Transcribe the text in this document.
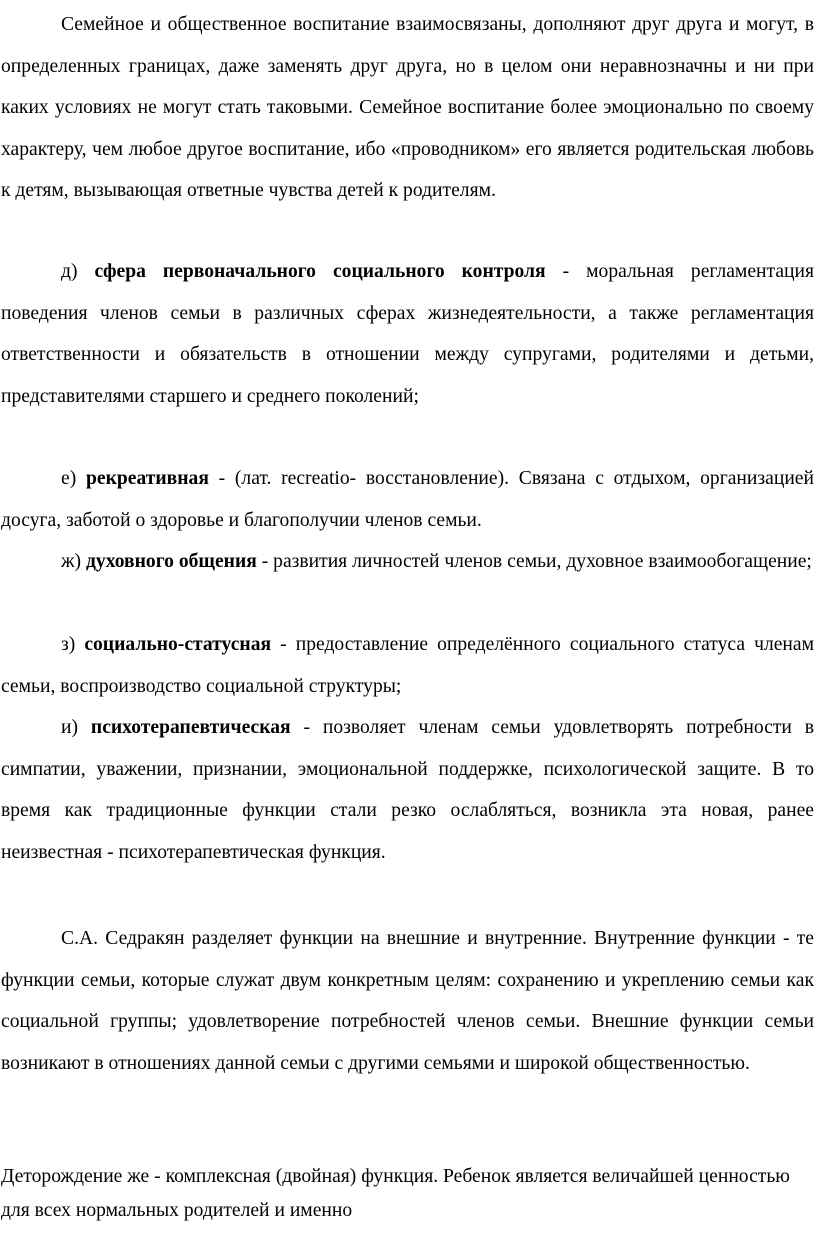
Семейное и общественное воспитание взаимосвязаны, дополняют друг друга и могут, в определенных границах, даже заменять друг друга, но в целом они неравнозначны и ни при каких условиях не могут стать таковыми. Семейное воспитание более эмоционально по своему характеру, чем любое другое воспитание, ибо «проводником» его является родительская любовь к детям, вызывающая ответные чувства детей к родителям.

д) сфера первоначального социального контроля - моральная регламентация поведения членов семьи в различных сферах жизнедеятельности, а также регламентация ответственности и обязательств в отношении между супругами, родителями и детьми, представителями старшего и среднего поколений;

е) рекреативная - (лат. recreatio- восстановление). Связана с отдыхом, организацией досуга, заботой о здоровье и благополучии членов семьи.

ж) духовного общения - развития личностей членов семьи, духовное взаимообогащение;

з) социально-статусная - предоставление определённого социального статуса членам семьи, воспроизводство социальной структуры;

и) психотерапевтическая - позволяет членам семьи удовлетворять потребности в симпатии, уважении, признании, эмоциональной поддержке, психологической защите. В то время как традиционные функции стали резко ослабляться, возникла эта новая, ранее неизвестная - психотерапевтическая функция.

С.А. Седракян разделяет функции на внешние и внутренние. Внутренние функции - те функции семьи, которые служат двум конкретным целям: сохранению и укреплению семьи как социальной группы; удовлетворение потребностей членов семьи. Внешние функции семьи возникают в отношениях данной семьи с другими семьями и широкой общественностью.

Деторождение же - комплексная (двойная) функция. Ребенок является величайшей ценностью для всех нормальных родителей и именно
